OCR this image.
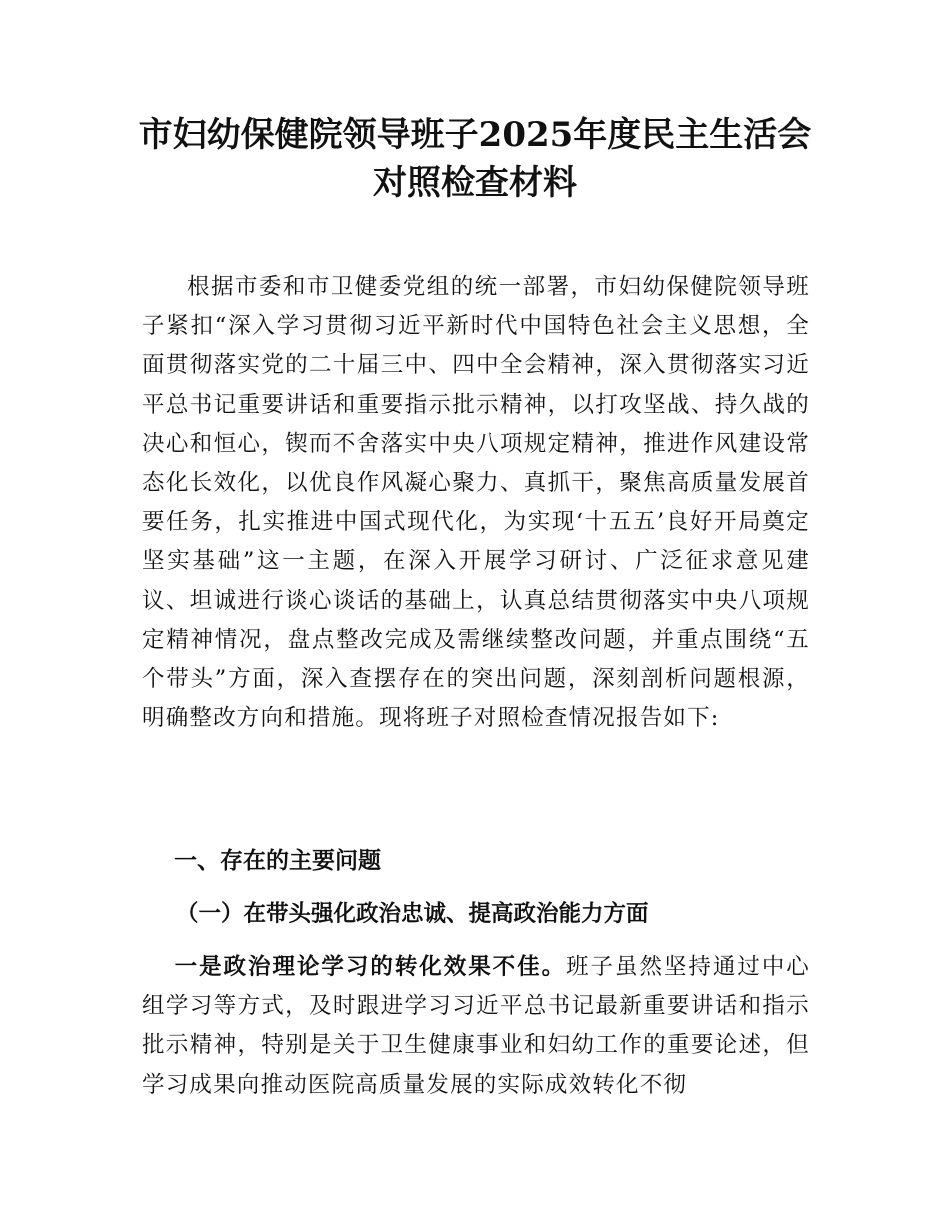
市妇幼保健院领导班子2025年度民主生活会
对照检查材料

根据市委和市卫健委党组的统一部署，市妇幼保健院领导班子紧扣“深入学习贯彻习近平新时代中国特色社会主义思想，全面贯彻落实党的二十届三中、四中全会精神，深入贯彻落实习近平总书记重要讲话和重要指示批示精神，以打攻坚战、持久战的决心和恒心，锲而不舍落实中央八项规定精神，推进作风建设常态化长效化，以优良作风凝心聚力、真抓干，聚焦高质量发展首要任务，扎实推进中国式现代化，为实现‘十五五’良好开局奠定坚实基础”这一主题，在深入开展学习研讨、广泛征求意见建议、坦诚进行谈心谈话的基础上，认真总结贯彻落实中央八项规定精神情况，盘点整改完成及需继续整改问题，并重点围绕“五个带头”方面，深入查摆存在的突出问题，深刻剖析问题根源，明确整改方向和措施。现将班子对照检查情况报告如下:

一、存在的主要问题
（一）在带头强化政治忠诚、提高政治能力方面

一是政治理论学习的转化效果不佳。班子虽然坚持通过中心组学习等方式，及时跟进学习习近平总书记最新重要讲话和指示批示精神，特别是关于卫生健康事业和妇幼工作的重要论述，但学习成果向推动医院高质量发展的实际成效转化不彻
